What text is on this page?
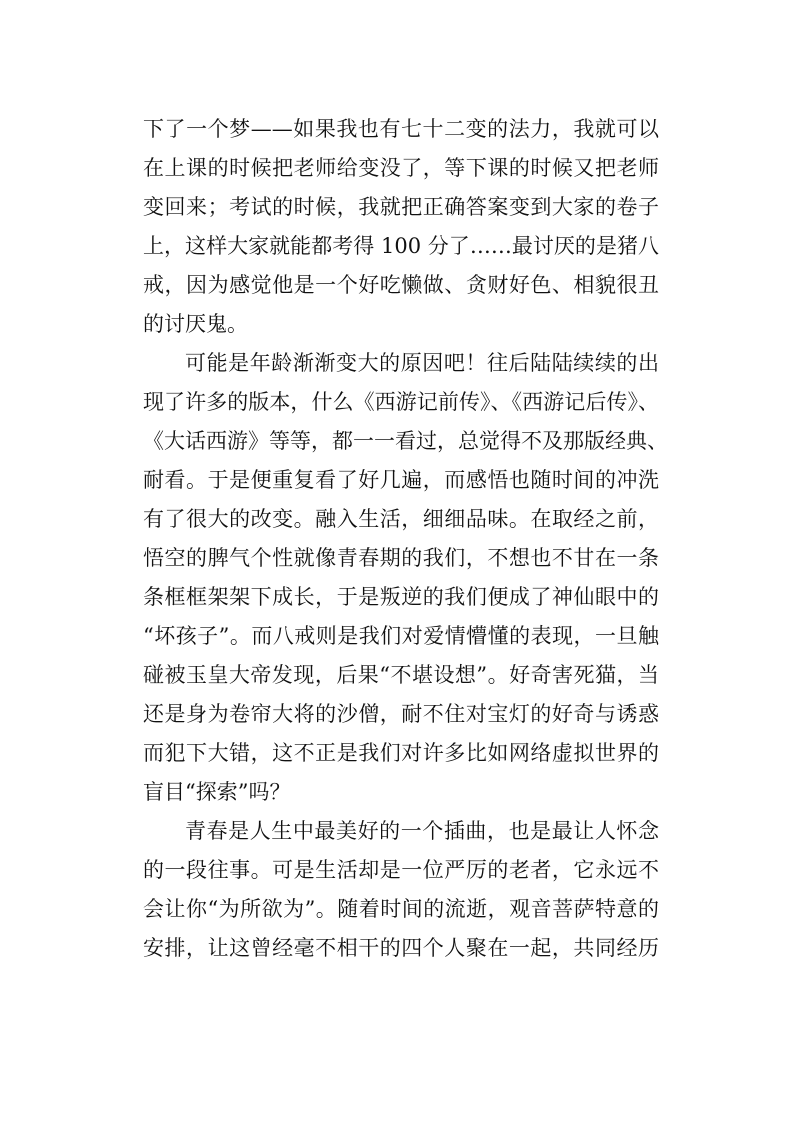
下了一个梦——如果我也有七十二变的法力，我就可以
在上课的时候把老师给变没了，等下课的时候又把老师
变回来；考试的时候，我就把正确答案变到大家的卷子
上，这样大家就能都考得 100 分了……最讨厌的是猪八
戒，因为感觉他是一个好吃懒做、贪财好色、相貌很丑
的讨厌鬼。
可能是年龄渐渐变大的原因吧！往后陆陆续续的出
现了许多的版本，什么《西游记前传》、《西游记后传》、
《大话西游》等等，都一一看过，总觉得不及那版经典、
耐看。于是便重复看了好几遍，而感悟也随时间的冲洗
有了很大的改变。融入生活，细细品味。在取经之前，
悟空的脾气个性就像青春期的我们，不想也不甘在一条
条框框架架下成长，于是叛逆的我们便成了神仙眼中的
“坏孩子”。而八戒则是我们对爱情懵懂的表现，一旦触
碰被玉皇大帝发现，后果“不堪设想”。好奇害死猫，当
还是身为卷帘大将的沙僧，耐不住对宝灯的好奇与诱惑
而犯下大错，这不正是我们对许多比如网络虚拟世界的
盲目“探索”吗？
青春是人生中最美好的一个插曲，也是最让人怀念
的一段往事。可是生活却是一位严厉的老者，它永远不
会让你“为所欲为”。随着时间的流逝，观音菩萨特意的
安排，让这曾经毫不相干的四个人聚在一起，共同经历
